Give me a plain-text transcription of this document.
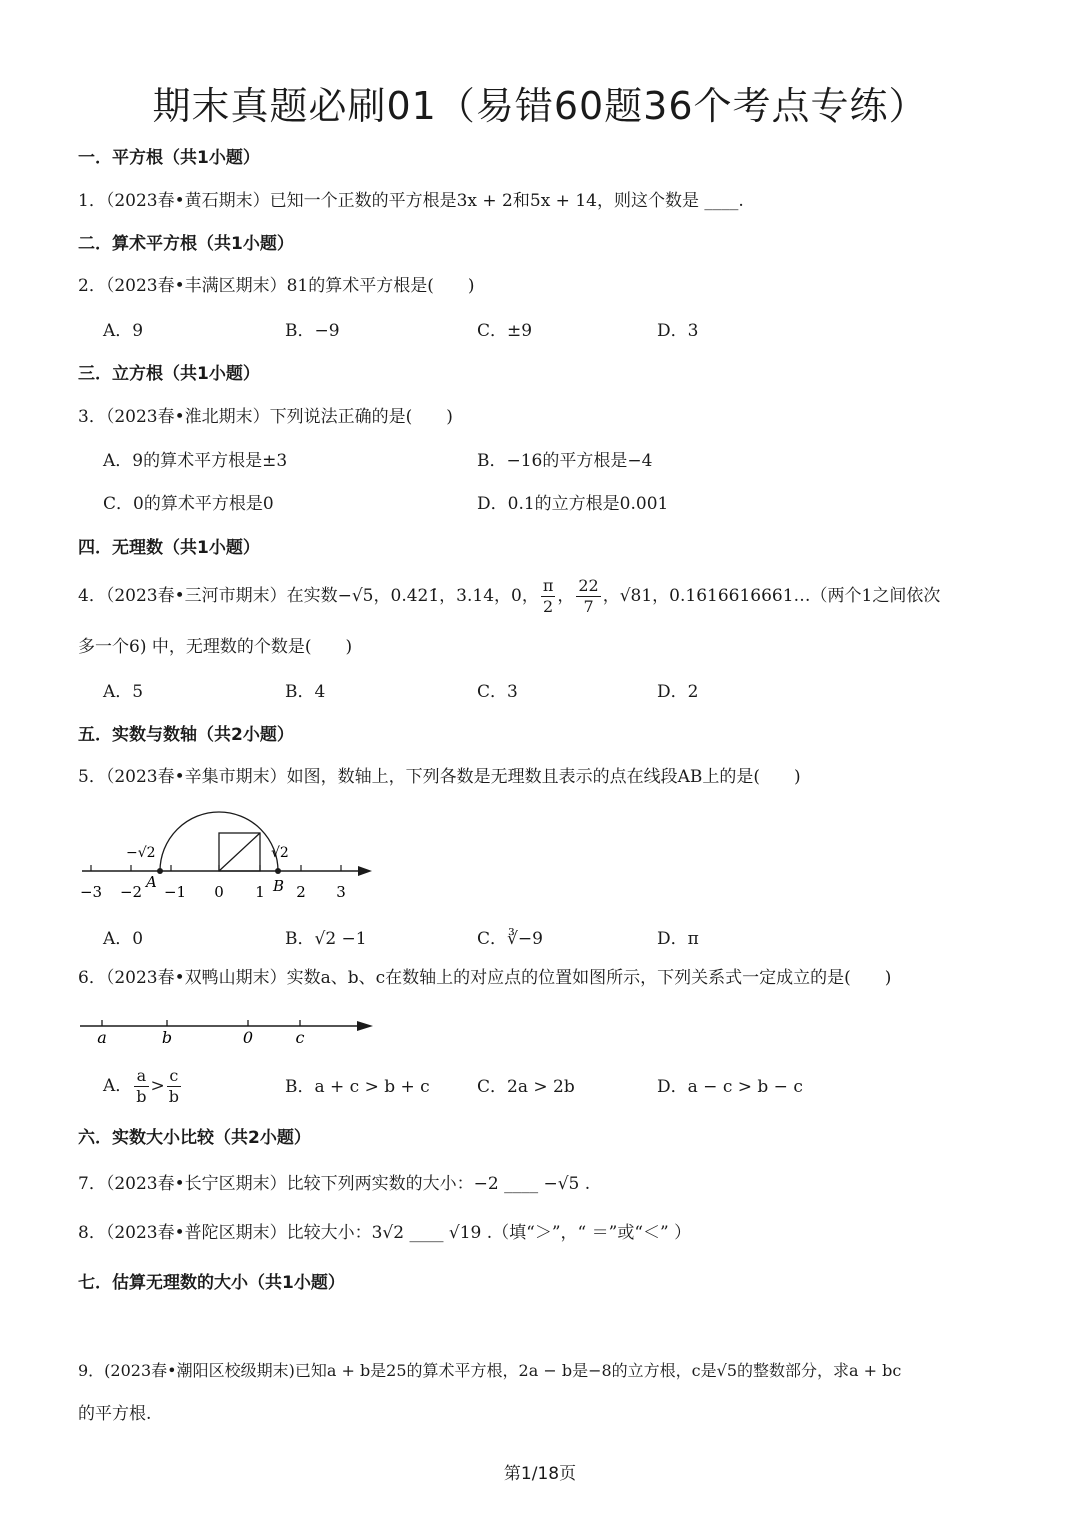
期末真题必刷01（易错60题36个考点专练）
一．平方根（共1小题）
1．（2023春•黄石期末）已知一个正数的平方根是3x + 2和5x + 14，则这个数是 ____.
二．算术平方根（共1小题）
2．（2023春•丰满区期末）81的算术平方根是(　　)
A．9	B．−9	C．±9	D．3
三．立方根（共1小题）
3．（2023春•淮北期末）下列说法正确的是(　　)
A．9的算术平方根是±3	B．−16的平方根是−4
C．0的算术平方根是0	D．0.1的立方根是0.001
四．无理数（共1小题）
4．（2023春•三河市期末）在实数−√5，0.421̇，3.14，0， $\frac{\pi}{2}$ ， $\frac{22}{7}$ ，√81，0.1616616661…（两个1之间依次
多一个6) 中，无理数的个数是(　　)
A．5	B．4	C．3	D．2
五．实数与数轴（共2小题）
5．（2023春•辛集市期末）如图，数轴上，下列各数是无理数且表示的点在线段AB上的是(　　)
−√2	√2
A	B
−3 −2 −1 0 1 2 3
A．0	B．√2 −1	C．∛−9	D．π
6．（2023春•双鸭山期末）实数a、b、c在数轴上的对应点的位置如图所示，下列关系式一定成立的是(　　)
a	b	0	c
A． $\frac{a}{b} > \frac{c}{b}$	B．a + c > b + c	C．2a > 2b	D．a − c > b − c
六．实数大小比较（共2小题）
7．（2023春•长宁区期末）比较下列两实数的大小：−2 ____ −√5 .
8．（2023春•普陀区期末）比较大小：3√2 ____ √19 .（填“＞”，“ ＝”或“＜” ）
七．估算无理数的大小（共1小题）
9．(2023春•潮阳区校级期末)已知a + b是25的算术平方根，2a − b是−8的立方根，c是√5的整数部分，求a + bc
的平方根.
第1/18页
